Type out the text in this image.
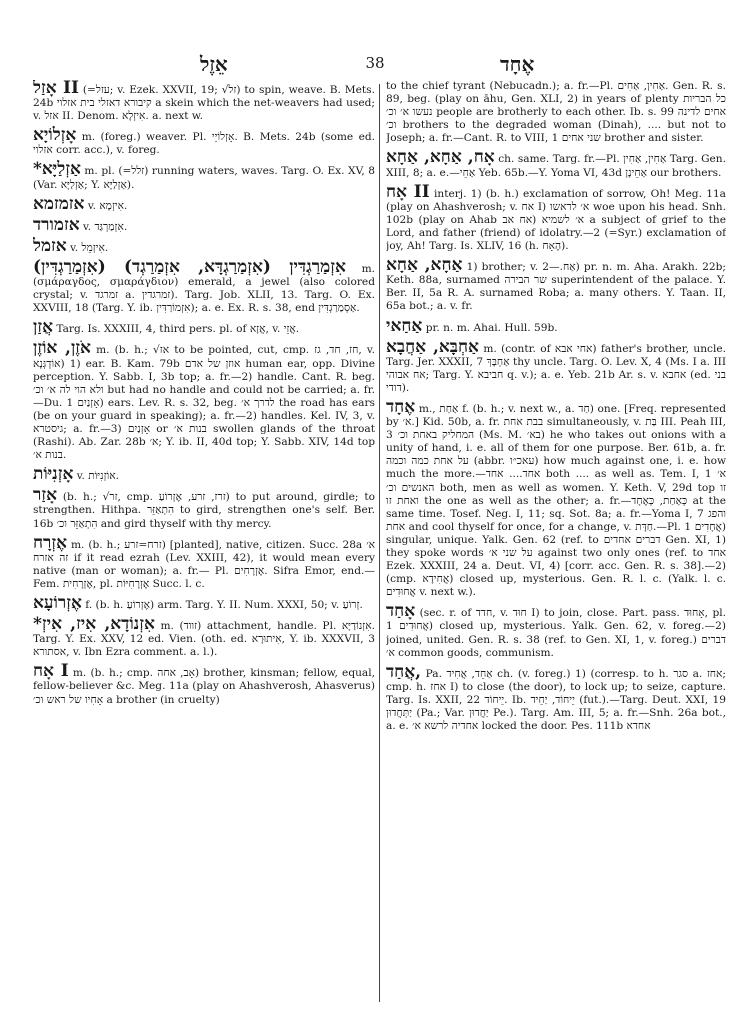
אֵזֶל	38	אֶחָד

אָזַל II (=עזל; v. Ezek. XXVII, 19; √זל) to spin, weave. B. Mets. 24b קיבורא דאזלי בית אזלוי a skein which the net-weavers had used; v. אזל II. Denom. אִיזְלָא. a. next w.

אָזְלוֹיָא m. (foreg.) weaver. Pl. אָזְלוֹיֵי. B. Mets. 24b (some ed. אזלוי corr. acc.), v. foreg.

*אַזְלַיָּא m. pl. (=זלל) running waters, waves. Targ. O. Ex. XV, 8 (Var. אַזְלַיָּא; Y. אַזְלַיָּא).

אזמזמא v. אִיזְמָא.

אזמורד v. אִזְמַרְגַּד.

אזמל v. אִיזְמֵל.

אִזְמַרַגְדִּין (אִזְמַרַגְדָּא, אִזְמַרַגְד) (אִזְמַרַגְדִּין) m. (σμάραγδος, σμαράγδιον) emerald, a jewel (also colored crystal; v. זמרגד a. זמרגדין). Targ. Job. XLII, 13. Targ. O. Ex. XXVIII, 18 (Targ. Y. ib. אִזְמוֹרַדִּין); a. e. Ex. R. s. 38, end אַסְמַרַגְדִּין.

אֲזַן Targ. Is. XXXIII, 4, third pers. pl. of אֲזָא, v. אֲזֵי.

אֹזֶן, אוֹזֶן m. (b. h.; √אז to be pointed, cut, cmp. חז, חד, גז, v. אוֹדְגְּנָא) 1) ear. B. Kam. 79b אוזן של אדם human ear, opp. Divine perception. Y. Sabb. I, 3b top; a. fr.—2) handle. Cant. R. beg. ולא הוי לה א׳ וכ׳ but had no handle and could not be carried; a. fr.—Du. אָזְנַיִם 1) ears. Lev. R. s. 32, beg. לדרך א׳ the road has ears (be on your guard in speaking); a. fr.—2) handles. Kel. IV, 3, v. גיסטרא; a. fr.—3) אָזְנַיִם or בנות א׳ swollen glands of the throat (Rashi). Ab. Zar. 28b א׳; Y. ib. II, 40d top; Y. Sabb. XIV, 14d top בנות א׳.

אָזְנִיּוֹת v. אוֹזְנִיּוֹת.

אָזַר (b. h.; √זר, cmp. זרז, זרע, אֶזְרוֹעַ) to put around, girdle; to strengthen. Hithpa. הִתְאַזֵּר to gird, strengthen one's self. Ber. 16b הִתְאַזֵּר וכ׳ and gird thyself with thy mercy.

אֶזְרָח m. (b. h.; זרח=זרע) [planted], native, citizen. Succ. 28a א׳ זה אזרח if it read ezrah (Lev. XXIII, 42), it would mean every native (man or woman); a. fr.— Pl. אֶזְרָחִים. Sifra Emor, end.—Fem. אֶזְרָחִית, pl. אֶזְרָחִיּוֹת Succ. l. c.

אֶזְרוֹעָא f. (b. h. אֶזְרוֹעַ) arm. Targ. Y. II. Num. XXXI, 50; v. זְרוֹעַ.

*אִזְנוֹדָא, אִיז, אִיזְ m. (זווד) attachment, handle. Pl. אִזְנוֹדַיָּא. Targ. Y. Ex. XXV, 12 ed. Vien. (oth. ed. אִיתוּרָא, Y. ib. XXXVII, 3 אסתורא, v. Ibn Ezra comment. a. l.).

אָח I m. (b. h.; cmp. אָב, אחה) brother, kinsman; fellow, equal, fellow-believer &c. Meg. 11a (play on Ahashverosh, Ahasverus) אָחִיו של ראש וכ׳ a brother (in cruelty)

to the chief tyrant (Nebucadn.); a. fr.—Pl. אַחִין, אַחִים. Gen. R. s. 89, beg. (play on āhu, Gen. XLI, 2) in years of plenty כל הבריות נעשו א׳ וכ׳ people are brotherly to each other. Ib. s. 99 אחים לדינה וכ׳ brothers to the degraded woman (Dinah), .... but not to Joseph; a. fr.—Cant. R. to VIII, 1 שני אחים brother and sister.

אָח, אַחָא, אַחָא ch. same. Targ. fr.—Pl. אַחִין, אַחִין Targ. Gen. XIII, 8; a. e.—אַחֵי Yeb. 65b.—Y. Yoma VI, 43d אַחֵינָן our brothers.

אָח II interj. 1) (b. h.) exclamation of sorrow, Oh! Meg. 11a (play on Ahashverosh; v. אח I) א׳ לראשו woe upon his head. Snh. 102b (play on Ahab אח אב) א׳ לשמיא a subject of grief to the Lord, and father (friend) of idolatry.—2 (=Syr.) exclamation of joy, Ah! Targ. Is. XLIV, 16 (h. הֶאָח).

אַחָא, אַחָא 1) brother; v. אַח.—2) pr. n. m. Aha. Arakh. 22b; Keth. 88a, surnamed שר הבירה superintendent of the palace. Y. Ber. II, 5a R. A. surnamed Roba; a. many others. Y. Taan. II, 65a bot.; a. v. fr.

אַחַאי pr. n. m. Ahai. Hull. 59b.

אַחְבָּא, אַחֲבָא m. (contr. of אחי אבא) father's brother, uncle. Targ. Jer. XXXII, 7 אַחְבָּךְ thy uncle. Targ. O. Lev. X, 4 (Ms. I a. III אח אבוהי; Targ. Y. חביבא q. v.); a. e. Yeb. 21b Ar. s. v. אחבא (ed. בני דודי).

אֶחָד m., אַחַת f. (b. h.; v. next w., a. חַד) one. [Freq. represented by א׳.] Kid. 50b, a. fr. בבת אחת simultaneously, v. בַּת III. Peah III, 3 המחליק באחת וכ׳ (Ms. M. בא׳) he who takes out onions with a unity of hand, i. e. all of them for one purpose. Ber. 61b, a. fr. על אחת כמה וכמה (abbr. עאכ״ו) how much against one, i. e. how much the more.—אחד.... אחד both .... as well as. Tem. I, 1 א׳ האנשים וכ׳ both, men as well as women. Y. Keth. V, 29d top זו ואחת זו the one as well as the other; a. fr.—כְּאַחַת, כְּאֶחָד at the same time. Tosef. Neg. I, 11; sq. Sot. 8a; a. fr.—Yoma I, 7 והפג אחת and cool thyself for once, for a change, v. חַדָּת.—Pl. אֲחָדִים 1) singular, unique. Yalk. Gen. 62 (ref. to דברים אחדים Gen. XI, 1) they spoke words על שני א׳ against two only ones (ref. to אחד Ezek. XXXIII, 24 a. Deut. VI, 4) [corr. acc. Gen. R. s. 38].—2) (cmp. אֲחִידָא) closed up, mysterious. Gen. R. l. c. (Yalk. l. c. אֲחוּדִים v. next w.).

אָחַד (sec. r. of חדד, v. חוּד I) to join, close. Part. pass. אָחוּד, pl. אֲחוּדִים 1) closed up, mysterious. Yalk. Gen. 62, v. foreg.—2) joined, united. Gen. R. s. 38 (ref. to Gen. XI, 1, v. foreg.) דברים א׳ common goods, communism.

אֲחַד, Pa. אַחֵד, אֲחִיד ch. (v. foreg.) 1) (corresp. to h. סגר a. אחז; cmp. h. אחז I) to close (the door), to lock up; to seize, capture. Targ. Is. XXII, 22 יֵיחוֹד. Ib. יֵיחוֹד, יַחֵיד (fut.).—Targ. Deut. XXI, 19 יַתְּחֲדוּן (Pa.; Var. יַחֲדוּן Pe.). Targ. Am. III, 5; a. fr.—Snh. 26a bot., a. e. אחדיה לרשא א׳ locked the door. Pes. 111b אחדא
